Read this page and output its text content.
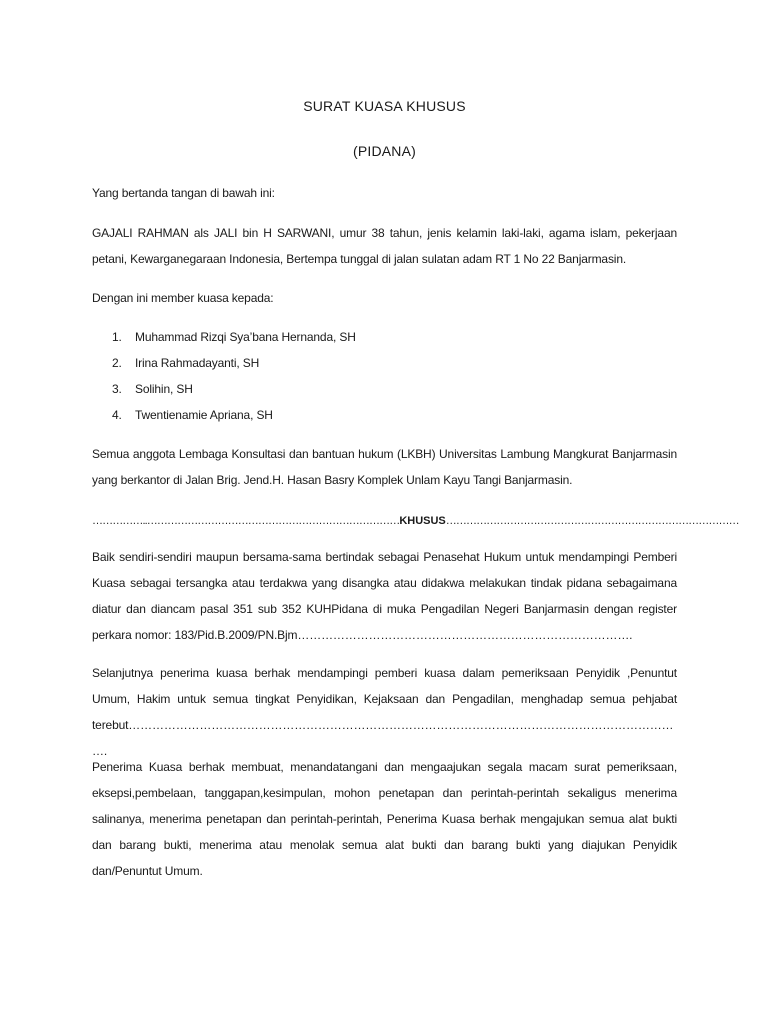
SURAT KUASA KHUSUS
(PIDANA)
Yang bertanda tangan di bawah ini:
GAJALI RAHMAN als JALI bin H SARWANI, umur 38 tahun, jenis kelamin laki-laki, agama islam, pekerjaan petani, Kewarganegaraan Indonesia, Bertempa tunggal di jalan sulatan adam RT 1 No 22 Banjarmasin.
Dengan ini member kuasa kepada:
1. Muhammad Rizqi Sya’bana Hernanda, SH
2. Irina Rahmadayanti, SH
3. Solihin, SH
4. Twentienamie Apriana, SH
Semua anggota Lembaga Konsultasi dan bantuan hukum (LKBH) Universitas Lambung Mangkurat Banjarmasin yang berkantor di Jalan Brig. Jend.H. Hasan Basry Komplek Unlam Kayu Tangi Banjarmasin.
……………..…………………………………………………………………KHUSUS……………………………………………………………………………
Baik sendiri-sendiri maupun bersama-sama bertindak sebagai Penasehat Hukum untuk mendampingi Pemberi Kuasa sebagai tersangka atau terdakwa yang disangka atau didakwa melakukan tindak pidana sebagaimana diatur dan diancam pasal 351 sub 352 KUHPidana di muka Pengadilan Negeri Banjarmasin dengan register perkara nomor: 183/Pid.B.2009/PN.Bjm………………………………………………………………………….
Selanjutnya penerima kuasa berhak mendampingi pemberi kuasa dalam pemeriksaan Penyidik ,Penuntut Umum, Hakim untuk semua tingkat Penyidikan, Kejaksaan dan Pengadilan, menghadap semua pehjabat terebut…………………………………………………………………………………………………………………………….
Penerima Kuasa berhak membuat, menandatangani dan mengaajukan segala macam surat pemeriksaan, eksepsi,pembelaan, tanggapan,kesimpulan, mohon penetapan dan perintah-perintah sekaligus menerima salinanya, menerima penetapan dan perintah-perintah, Penerima Kuasa berhak mengajukan semua alat bukti dan barang bukti, menerima atau menolak semua alat bukti dan barang bukti yang diajukan Penyidik dan/Penuntut Umum.
